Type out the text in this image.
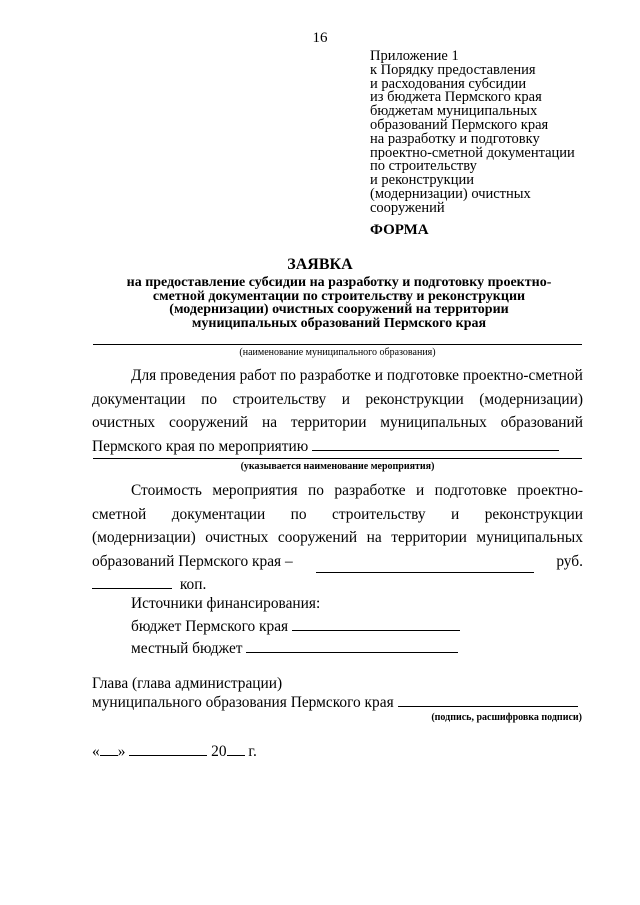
16
Приложение 1
к Порядку предоставления
и расходования субсидии
из бюджета Пермского края
бюджетам муниципальных
образований Пермского края
на разработку и подготовку
проектно-сметной документации
по строительству
и реконструкции
(модернизации) очистных
сооружений
ФОРМА
ЗАЯВКА
на предоставление субсидии на разработку и подготовку проектно-
сметной документации по строительству и реконструкции
(модернизации) очистных сооружений на территории
муниципальных образований Пермского края
(наименование муниципального образования)
Для проведения работ по разработке и подготовке проектно-сметной
документации по строительству и реконструкции (модернизации)
очистных сооружений на территории муниципальных образований
Пермского края по мероприятию
(указывается наименование мероприятия)
Стоимость мероприятия по разработке и подготовке проектно-
сметной документации по строительству и реконструкции
(модернизации) очистных сооружений на территории муниципальных
образований Пермского края –	руб.
коп.
Источники финансирования:
бюджет Пермского края
местный бюджет
Глава (глава администрации)
муниципального образования Пермского края
(подпись, расшифровка подписи)
« »	20 г.
